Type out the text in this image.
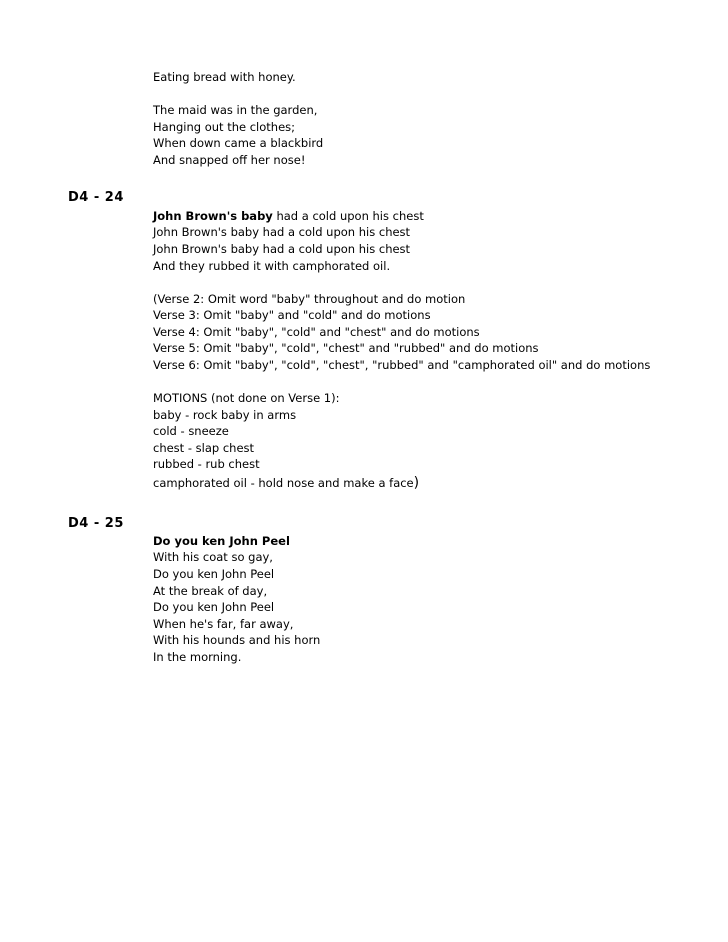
Eating bread with honey.
The maid was in the garden,
Hanging out the clothes;
When down came a blackbird
And snapped off her nose!
D4 - 24
John Brown's baby had a cold upon his chest
John Brown's baby had a cold upon his chest
John Brown's baby had a cold upon his chest
And they rubbed it with camphorated oil.
(Verse 2: Omit word "baby" throughout and do motion
Verse 3: Omit "baby" and "cold" and do motions
Verse 4: Omit "baby", "cold" and "chest" and do motions
Verse 5: Omit "baby", "cold", "chest" and "rubbed" and do motions
Verse 6: Omit "baby", "cold", "chest", "rubbed" and "camphorated oil" and do motions
MOTIONS (not done on Verse 1):
baby - rock baby in arms
cold - sneeze
chest - slap chest
rubbed - rub chest
camphorated oil - hold nose and make a face)
D4 - 25
Do you ken John Peel
With his coat so gay,
Do you ken John Peel
At the break of day,
Do you ken John Peel
When he's far, far away,
With his hounds and his horn
In the morning.
